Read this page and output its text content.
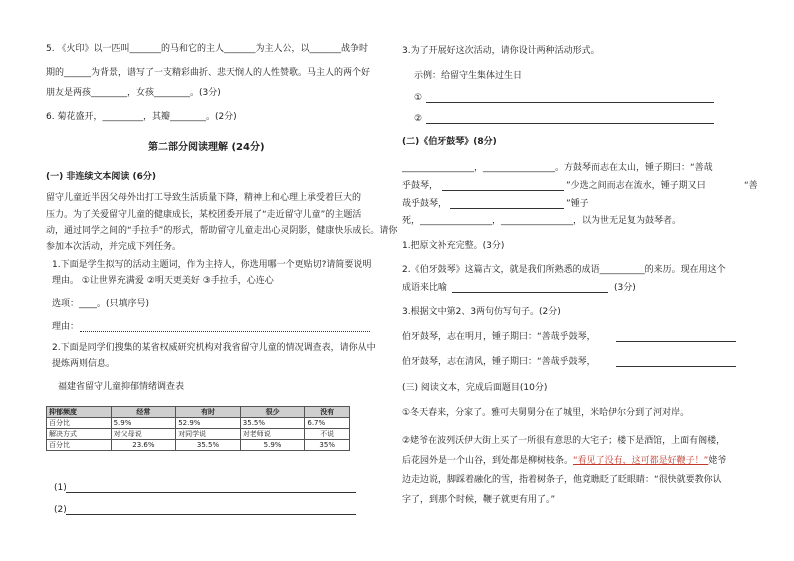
5. 《火印》以一匹叫_______的马和它的主人_______为主人公，以_______战争时
期的______为背景，谱写了一支精彩曲折、悲天悯人的人性赞歌。马主人的两个好
朋友是两孩________，女孩________。(3分)
6. 菊花盛开，_________，其瓣________。(2分)
第二部分阅读理解 (24分)
(一) 非连续文本阅读 (6分)
留守儿童近半因父母外出打工导致生活质量下降，精神上和心理上承受着巨大的
压力。为了关爱留守儿童的健康成长，某校团委开展了“走近留守儿童”的主题活
动，通过同学之间的“手拉手”的形式，帮助留守儿童走出心灵阴影，健康快乐成长。请你
参加本次活动，并完成下列任务。
1.下面是学生拟写的活动主题词，作为主持人，你选用哪一个更贴切?请简要说明
理由。 ①让世界充满爱 ②明天更美好 ③手拉手，心连心
选项：____。(只填序号)
理由：
2.下面是同学们搜集的某省权威研究机构对我省留守儿童的情况调查表，请你从中
提炼两则信息。
福建省留守儿童抑郁情绪调查表
抑郁频度	经常	有时	很少	没有
百分比	5.9%	52.9%	35.5%	6.7%
解决方式	对父母说	对同学说	对老师说	不说
百分比	23.6%	35.5%	5.9%	35%
(1)
(2)
3.为了开展好这次活动，请你设计两种活动形式。
示例：给留守生集体过生日
①
②
(二)《伯牙鼓琴》(8分)
________________，________________。方鼓琴而志在太山，锺子期曰：“善哉
乎鼓琴，	”少选之间而志在流水，锺子期又曰	“善
哉乎鼓琴，	”锺子
死，________________，________________，以为世无足复为鼓琴者。
1.把原文补充完整。(3分)
2.《伯牙鼓琴》这篇古文，就是我们所熟悉的成语__________的来历。现在用这个
成语来比喻	(3分)
3.根据文中第2、3两句仿写句子。(2分)
伯牙鼓琴，志在明月，锺子期曰：“善哉乎鼓琴，
伯牙鼓琴，志在清风，锺子期曰：“善哉乎鼓琴，
(三) 阅读文本，完成后面题目(10分)
①冬天春来，分家了。雅可夫舅舅分在了城里，米哈伊尔分到了河对岸。
②姥爷在波列沃伊大街上买了一所很有意思的大宅子；楼下是酒馆，上面有阁楼，
后花园外是一个山谷，到处都是柳树枝条。“看见了没有，这可都是好鞭子！”姥爷
边走边说，脚踩着融化的雪，指着树条子，他竟瞧眨了眨眼睛：“很快就要教你认
字了，到那个时候，鞭子就更有用了。”
